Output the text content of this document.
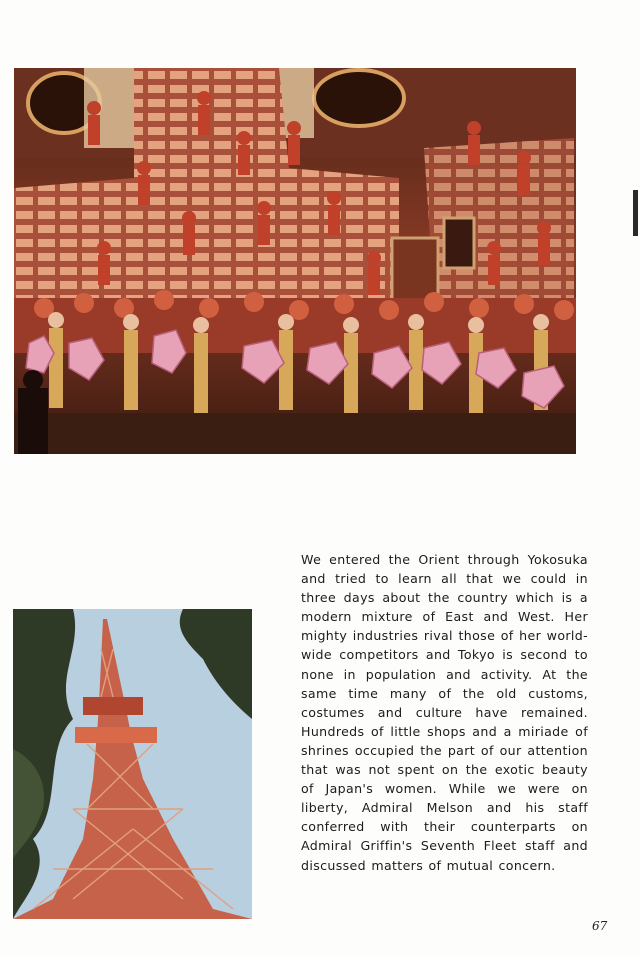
We entered the Orient through Yokosuka and tried to learn all that we could in three days about the country which is a modern mixture of East and West. Her mighty industries rival those of her world-wide competitors and Tokyo is second to none in population and activity. At the same time many of the old customs, costumes and culture have remained. Hundreds of little shops and a miriade of shrines occupied the part of our attention that was not spent on the exotic beauty of Japan's women. While we were on liberty, Admiral Melson and his staff conferred with their counterparts on Admiral Griffin's Seventh Fleet staff and discussed matters of mutual concern.
67
